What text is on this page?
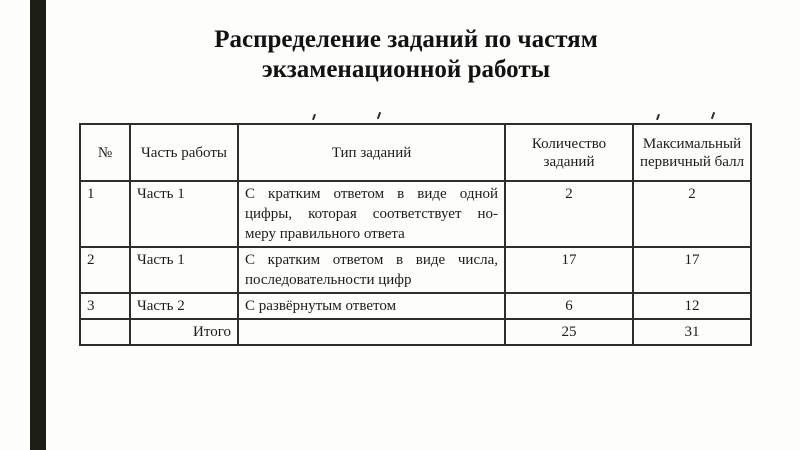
Распределение заданий по частям
экзаменационной работы
№	Часть работы	Тип заданий	Количество заданий	Максимальный первичный балл
1	Часть 1	С кратким ответом в виде одной
цифры, которая соответствует но-
меру правильного ответа	2	2
2	Часть 1	С кратким ответом в виде числа,
последовательности цифр	17	17
3	Часть 2	С развёрнутым ответом	6	12
	Итого		25	31
